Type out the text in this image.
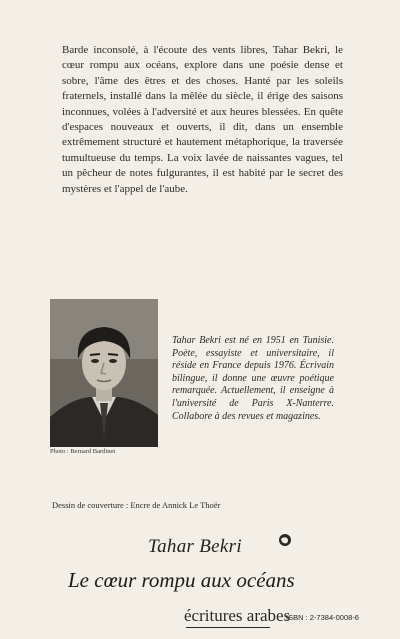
Barde inconsolé, à l'écoute des vents libres, Tahar Bekri, le cœur rompu aux océans, explore dans une poésie dense et sobre, l'âme des êtres et des choses. Hanté par les soleils fraternels, installé dans la mêlée du siècle, il érige des saisons inconnues, volées à l'adversité et aux heures blessées. En quête d'espaces nouveaux et ouverts, il dit, dans un ensemble extrêmement structuré et hautement métaphorique, la traversée tumultueuse du temps. La voix lavée de naissantes vagues, tel un pêcheur de notes fulgurantes, il est habité par le secret des mystères et l'appel de l'aube.
Photo : Bernard Bardinet
Tahar Bekri est né en 1951 en Tunisie. Poète, essayiste et universitaire, il réside en France depuis 1976. Écrivain bilingue, il donne une œuvre poétique remarquée. Actuellement, il enseigne à l'université de Paris X-Nanterre. Collabore à des revues et magazines.
Dessin de couverture : Encre de Annick Le Thoër
Tahar Bekri
Le cœur rompu aux océans
écritures arabes
ISBN : 2-7384-0008-6
